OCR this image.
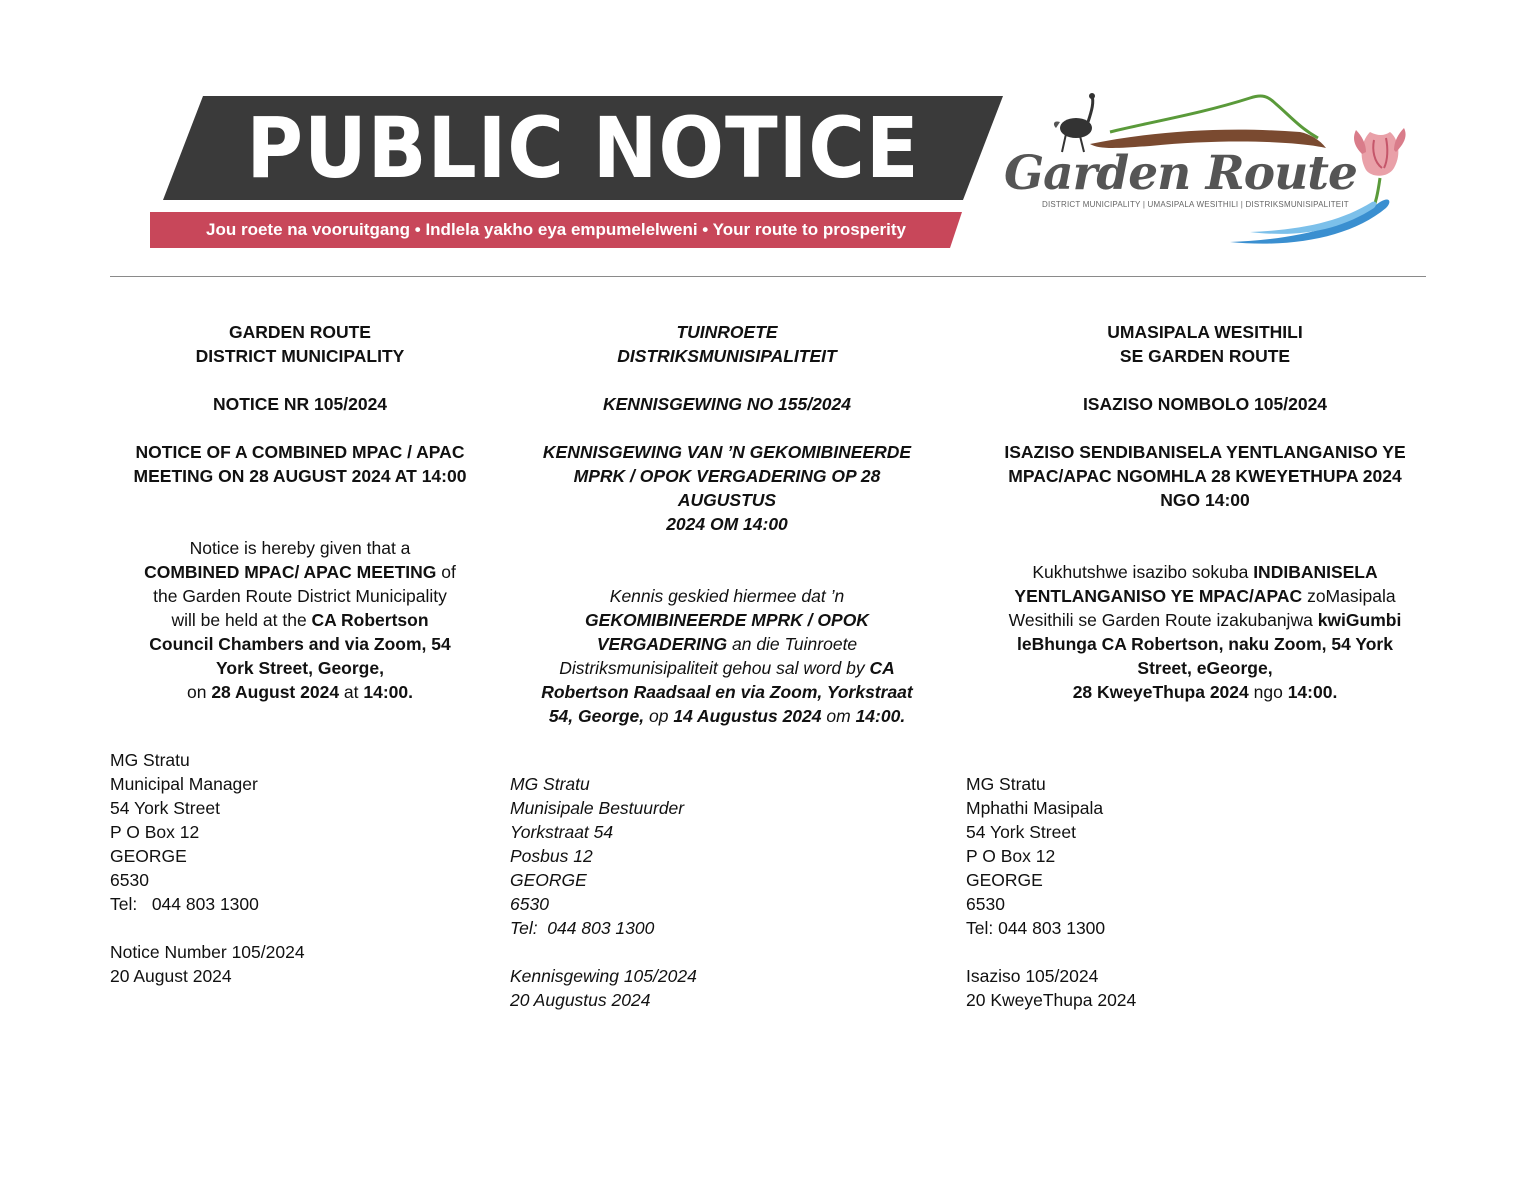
PUBLIC NOTICE
Jou roete na vooruitgang • Indlela yakho eya empumelelweni • Your route to prosperity
Garden Route
DISTRICT MUNICIPALITY | UMASIPALA WESITHILI | DISTRIKSMUNISIPALITEIT
GARDEN ROUTE
DISTRICT MUNICIPALITY
NOTICE NR 105/2024
NOTICE OF A COMBINED MPAC / APAC
MEETING ON 28 AUGUST 2024 AT 14:00
Notice is hereby given that a
COMBINED MPAC/ APAC MEETING of
the Garden Route District Municipality
will be held at the CA Robertson
Council Chambers and via Zoom, 54
York Street, George,
on 28 August 2024 at 14:00.
MG Stratu
Municipal Manager
54 York Street
P O Box 12
GEORGE
6530
Tel:   044 803 1300
Notice Number 105/2024
20 August 2024
TUINROETE
DISTRIKSMUNISIPALITEIT
KENNISGEWING NO 155/2024
KENNISGEWING VAN ’N GEKOMIBINEERDE
MPRK / OPOK VERGADERING OP 28 AUGUSTUS
2024 OM 14:00
Kennis geskied hiermee dat ’n
GEKOMIBINEERDE MPRK / OPOK
VERGADERING an die Tuinroete
Distriksmunisipaliteit gehou sal word by CA
Robertson Raadsaal en via Zoom, Yorkstraat
54, George, op 14 Augustus 2024 om 14:00.
MG Stratu
Munisipale Bestuurder
Yorkstraat 54
Posbus 12
GEORGE
6530
Tel:  044 803 1300
Kennisgewing 105/2024
20 Augustus 2024
UMASIPALA WESITHILI
SE GARDEN ROUTE
ISAZISO NOMBOLO 105/2024
ISAZISO SENDIBANISELA YENTLANGANISO YE
MPAC/APAC NGOMHLA 28 KWEYETHUPA 2024
NGO 14:00
Kukhutshwe isazibo sokuba INDIBANISELA
YENTLANGANISO YE MPAC/APAC zoMasipala
Wesithili se Garden Route izakubanjwa kwiGumbi
leBhunga CA Robertson, naku Zoom, 54 York
Street, eGeorge,
28 KweyeThupa 2024 ngo 14:00.
MG Stratu
Mphathi Masipala
54 York Street
P O Box 12
GEORGE
6530
Tel: 044 803 1300
Isaziso 105/2024
20 KweyeThupa 2024
